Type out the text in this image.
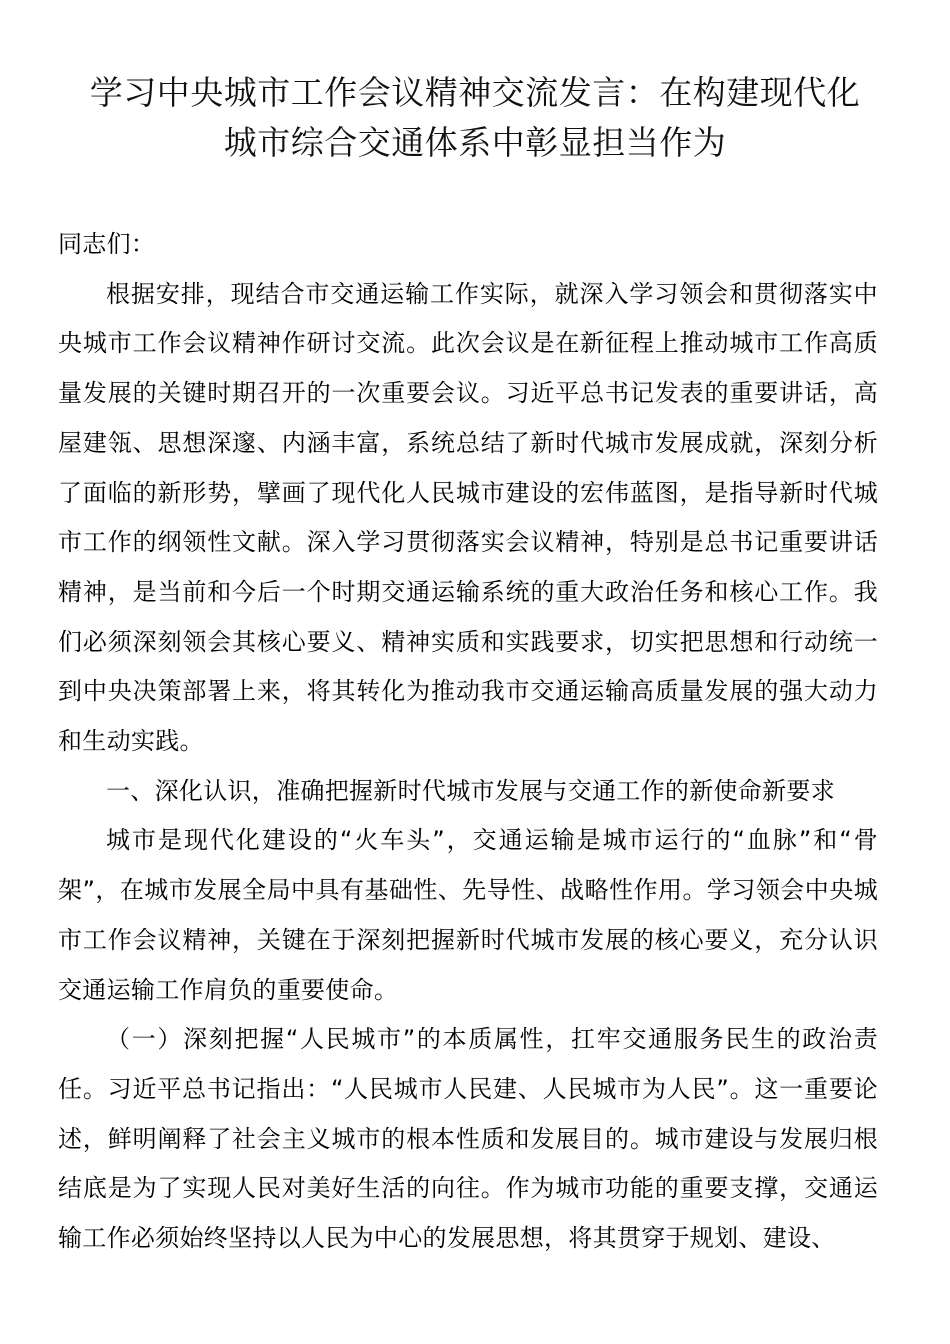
学习中央城市工作会议精神交流发言：在构建现代化
城市综合交通体系中彰显担当作为

同志们：

根据安排，现结合市交通运输工作实际，就深入学习领会和贯彻落实中央城市工作会议精神作研讨交流。此次会议是在新征程上推动城市工作高质量发展的关键时期召开的一次重要会议。习近平总书记发表的重要讲话，高屋建瓴、思想深邃、内涵丰富，系统总结了新时代城市发展成就，深刻分析了面临的新形势，擘画了现代化人民城市建设的宏伟蓝图，是指导新时代城市工作的纲领性文献。深入学习贯彻落实会议精神，特别是总书记重要讲话精神，是当前和今后一个时期交通运输系统的重大政治任务和核心工作。我们必须深刻领会其核心要义、精神实质和实践要求，切实把思想和行动统一到中央决策部署上来，将其转化为推动我市交通运输高质量发展的强大动力和生动实践。

一、深化认识，准确把握新时代城市发展与交通工作的新使命新要求

城市是现代化建设的“火车头”，交通运输是城市运行的“血脉”和“骨架”，在城市发展全局中具有基础性、先导性、战略性作用。学习领会中央城市工作会议精神，关键在于深刻把握新时代城市发展的核心要义，充分认识交通运输工作肩负的重要使命。

（一）深刻把握“人民城市”的本质属性，扛牢交通服务民生的政治责任。习近平总书记指出：“人民城市人民建、人民城市为人民”。这一重要论述，鲜明阐释了社会主义城市的根本性质和发展目的。城市建设与发展归根结底是为了实现人民对美好生活的向往。作为城市功能的重要支撑，交通运输工作必须始终坚持以人民为中心的发展思想，将其贯穿于规划、建设、
